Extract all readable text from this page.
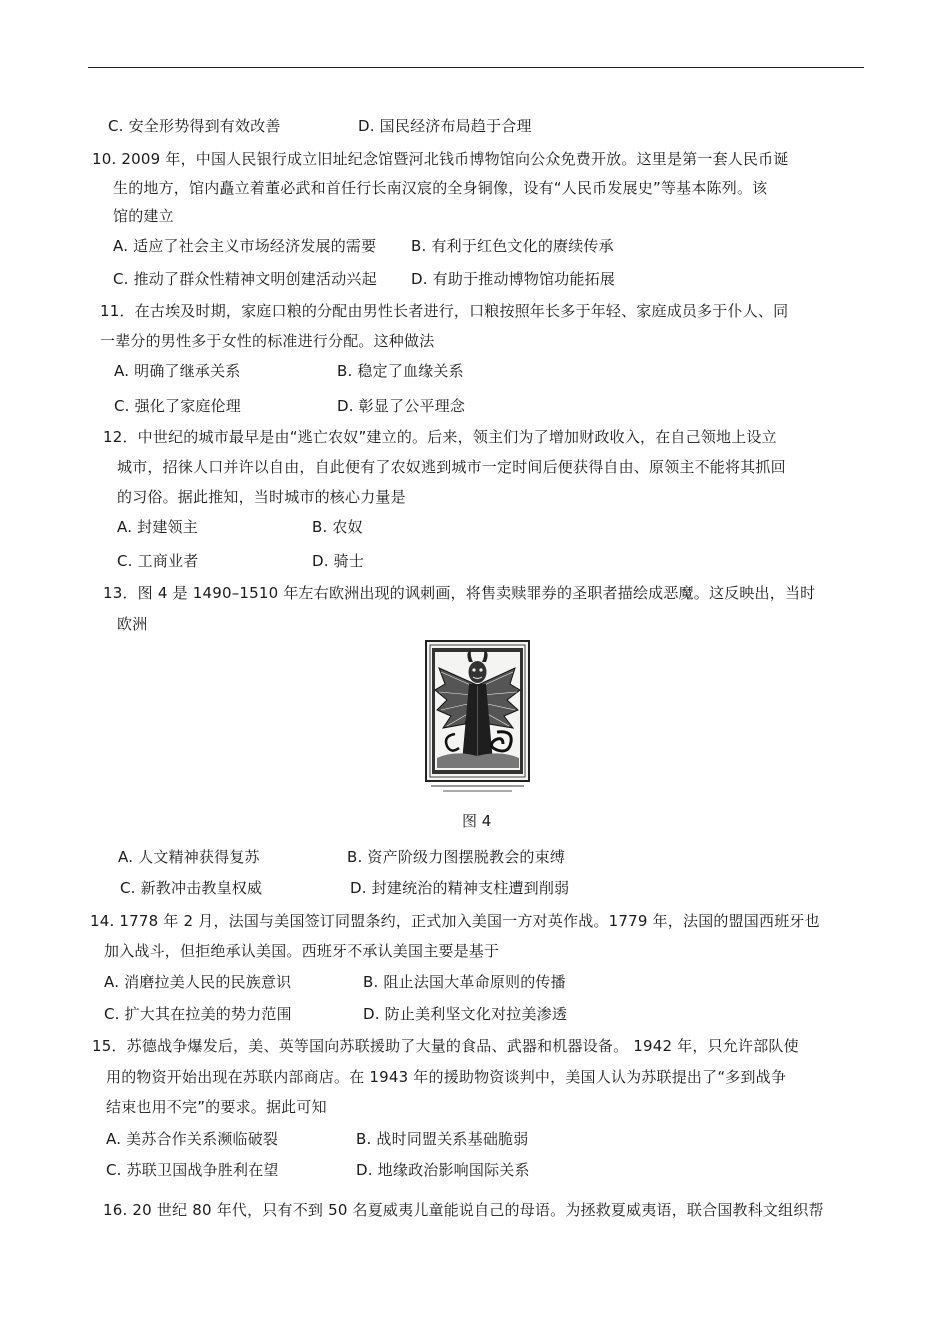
C. 安全形势得到有效改善	D. 国民经济布局趋于合理
10. 2009 年，中国人民银行成立旧址纪念馆暨河北钱币博物馆向公众免费开放。这里是第一套人民币诞
生的地方，馆内矗立着董必武和首任行长南汉宸的全身铜像，设有“人民币发展史”等基本陈列。该
馆的建立
A. 适应了社会主义市场经济发展的需要 B. 有利于红色文化的赓续传承
C. 推动了群众性精神文明创建活动兴起 D. 有助于推动博物馆功能拓展
11．在古埃及时期，家庭口粮的分配由男性长者进行，口粮按照年长多于年轻、家庭成员多于仆人、同
一辈分的男性多于女性的标准进行分配。这种做法
A. 明确了继承关系	B. 稳定了血缘关系
C. 强化了家庭伦理	D. 彰显了公平理念
12．中世纪的城市最早是由“逃亡农奴”建立的。后来，领主们为了增加财政收入，在自己领地上设立
城市，招徕人口并许以自由，自此便有了农奴逃到城市一定时间后便获得自由、原领主不能将其抓回
的习俗。据此推知，当时城市的核心力量是
A. 封建领主	B. 农奴
C. 工商业者	D. 骑士
13．图 4 是 1490–1510 年左右欧洲出现的讽刺画，将售卖赎罪券的圣职者描绘成恶魔。这反映出，当时
欧洲
图 4
A. 人文精神获得复苏	B. 资产阶级力图摆脱教会的束缚
C. 新教冲击教皇权威	D. 封建统治的精神支柱遭到削弱
14. 1778 年 2 月，法国与美国签订同盟条约，正式加入美国一方对英作战。1779 年，法国的盟国西班牙也
加入战斗，但拒绝承认美国。西班牙不承认美国主要是基于
A. 消磨拉美人民的民族意识	B. 阻止法国大革命原则的传播
C. 扩大其在拉美的势力范围	D. 防止美利坚文化对拉美渗透
15．苏德战争爆发后，美、英等国向苏联援助了大量的食品、武器和机器设备。 1942 年，只允许部队使
用的物资开始出现在苏联内部商店。在 1943 年的援助物资谈判中，美国人认为苏联提出了“多到战争
结束也用不完”的要求。据此可知
A. 美苏合作关系濒临破裂	B. 战时同盟关系基础脆弱
C. 苏联卫国战争胜利在望	D. 地缘政治影响国际关系
16. 20 世纪 80 年代，只有不到 50 名夏威夷儿童能说自己的母语。为拯救夏威夷语，联合国教科文组织帮
